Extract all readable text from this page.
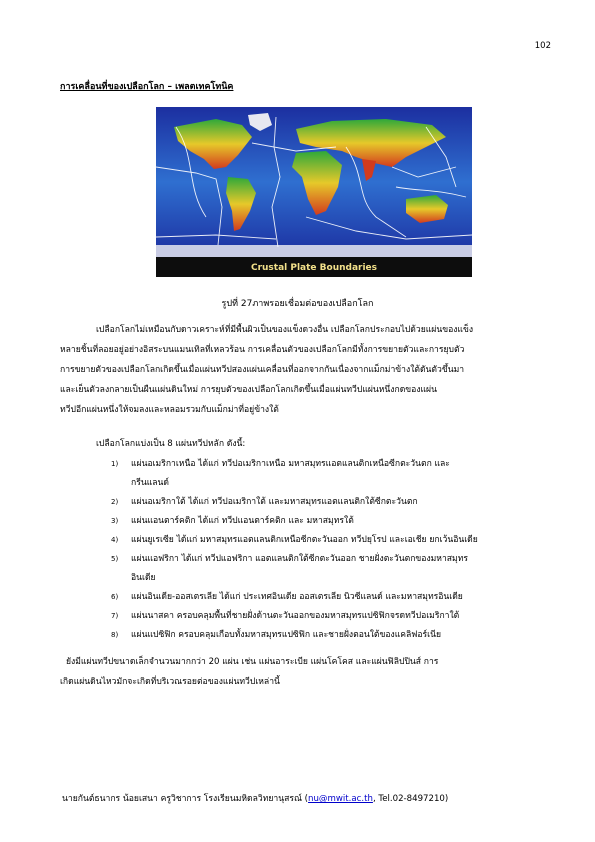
102
การเคลื่อนที่ของเปลือกโลก – เพลตเทคโทนิค
Crustal Plate Boundaries
รูปที่ 27ภาพรอยเชื่อมต่อของเปลือกโลก
เปลือกโลกไม่เหมือนกับดาวเคราะห์ที่มีพื้นผิวเป็นของแข็งดวงอื่น เปลือกโลกประกอบไปด้วยแผ่นของแข็ง
หลายชิ้นที่ลอยอยู่อย่างอิสระบนแมนเทิลที่เหลวร้อน การเคลื่อนตัวของเปลือกโลกมีทั้งการขยายตัวและการยุบตัว
การขยายตัวของเปลือกโลกเกิดขึ้นเมื่อแผ่นทวีปสองแผ่นเคลื่อนที่ออกจากกันเนื่องจากแม็กม่าข้างใต้ดันตัวขึ้นมา
และเย็นตัวลงกลายเป็นผืนแผ่นดินใหม่ การยุบตัวของเปลือกโลกเกิดขึ้นเมื่อแผ่นทวีปแผ่นหนึ่งกดของแผ่น
ทวีปอีกแผ่นหนึ่งให้จมลงและหลอมรวมกับแม็กม่าที่อยู่ข้างใต้
เปลือกโลกแบ่งเป็น 8 แผ่นทวีปหลัก ดังนี้:
1) แผ่นอเมริกาเหนือ ได้แก่ ทวีปอเมริกาเหนือ มหาสมุทรแอตแลนติกเหนือซีกตะวันตก และ
กรีนแลนด์
2) แผ่นอเมริกาใต้ ได้แก่ ทวีปอเมริกาใต้ และมหาสมุทรแอตแลนติกใต้ซีกตะวันตก
3) แผ่นแอนตาร์คติก ได้แก่ ทวีปแอนตาร์คติก และ มหาสมุทรใต้
4) แผ่นยูเรเซีย ได้แก่ มหาสมุทรแอตแลนติกเหนือซีกตะวันออก ทวีปยุโรป และเอเชีย ยกเว้นอินเดีย
5) แผ่นแอฟริกา ได้แก่ ทวีปแอฟริกา แอตแลนติกใต้ซีกตะวันออก ชายฝั่งตะวันตกของมหาสมุทร
อินเดีย
6) แผ่นอินเดีย-ออสเตรเลีย ได้แก่ ประเทศอินเดีย ออสเตรเลีย นิวซีแลนด์ และมหาสมุทรอินเดีย
7) แผ่นนาสคา ครอบคลุมพื้นที่ชายฝั่งด้านตะวันออกของมหาสมุทรแปซิฟิกจรดทวีปอเมริกาใต้
8) แผ่นแปซิฟิก ครอบคลุมเกือบทั้งมหาสมุทรแปซิฟิก และชายฝั่งตอนใต้ของแคลิฟอร์เนีย
ยังมีแผ่นทวีปขนาดเล็กจำนวนมากกว่า 20 แผ่น เช่น แผ่นอาระเบีย แผ่นโคโคส และแผ่นฟิลิปปินส์ การ
เกิดแผ่นดินไหวมักจะเกิดที่บริเวณรอยต่อของแผ่นทวีปเหล่านี้
นายกันต์ธนากร น้อยเสนา ครูวิชาการ โรงเรียนมหิดลวิทยานุสรณ์ (nu@mwit.ac.th, Tel.02-8497210)
